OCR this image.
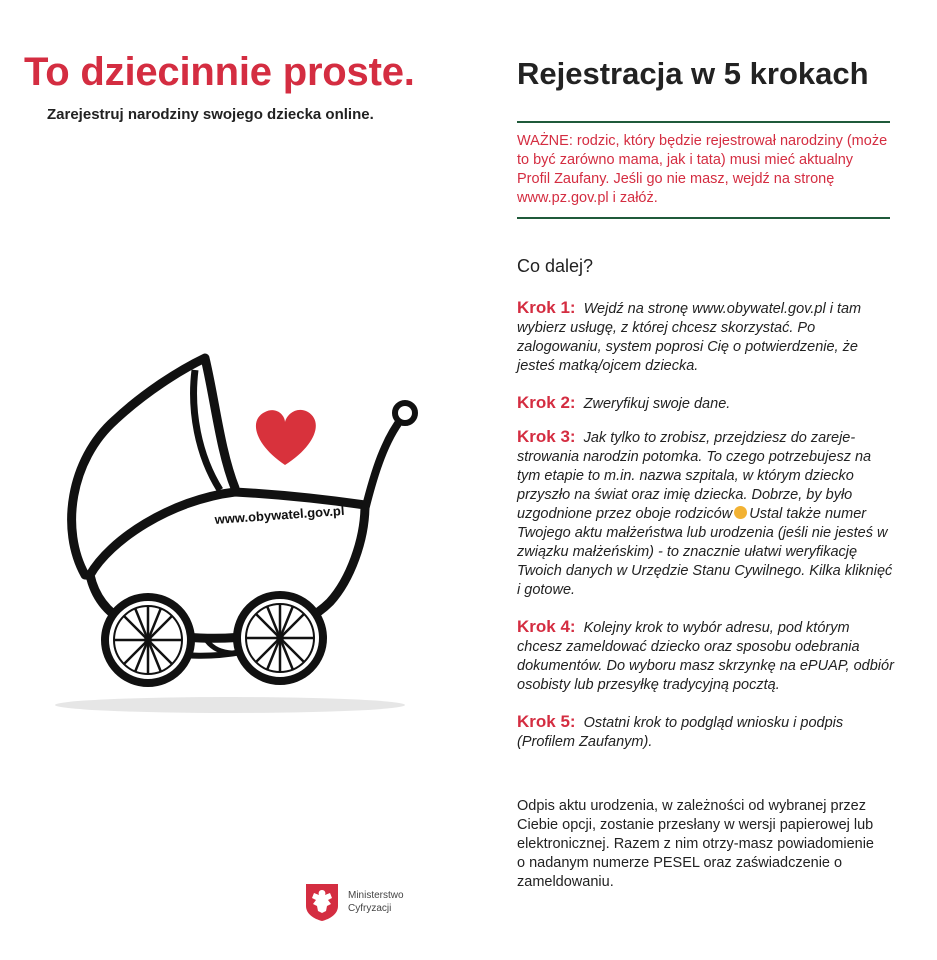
To dziecinnie proste.

Zarejestruj narodziny swojego dziecka online.

www.obywatel.gov.pl
Ministerstwo
Cyfryzacji
Rejestracja w 5 krokach
WAŻNE: rodzic, który będzie rejestrował narodziny (może to być zarówno mama, jak i tata) musi mieć aktualny Profil Zaufany. Jeśli go nie masz, wejdź na stronę www.pz.gov.pl i załóż.
Co dalej?

Krok 1: Wejdź na stronę www.obywatel.gov.pl i tam wybierz usługę, z której chcesz skorzystać. Po zalogowaniu, system poprosi Cię o potwierdzenie, że jesteś matką/ojcem dziecka.

Krok 2: Zweryfikuj swoje dane.

Krok 3: Jak tylko to zrobisz, przejdziesz do zareje-strowania narodzin potomka. To czego potrzebujesz na tym etapie to m.in. nazwa szpitala, w którym dziecko przyszło na świat oraz imię dziecka. Dobrze, by było uzgodnione przez oboje rodziców Ustal także numer Twojego aktu małżeństwa lub urodzenia (jeśli nie jesteś w związku małżeńskim) - to znacznie ułatwi weryfikację Twoich danych w Urzędzie Stanu Cywilnego. Kilka kliknięć i gotowe.

Krok 4: Kolejny krok to wybór adresu, pod którym chcesz zameldować dziecko oraz sposobu odebrania dokumentów. Do wyboru masz skrzynkę na ePUAP, odbiór osobisty lub przesyłkę tradycyjną pocztą.

Krok 5: Ostatni krok to podgląd wniosku i podpis (Profilem Zaufanym).

Odpis aktu urodzenia, w zależności od wybranej przez Ciebie opcji, zostanie przesłany w wersji papierowej lub elektronicznej. Razem z nim otrzy-masz powiadomienie o nadanym numerze PESEL oraz zaświadczenie o zameldowaniu.
